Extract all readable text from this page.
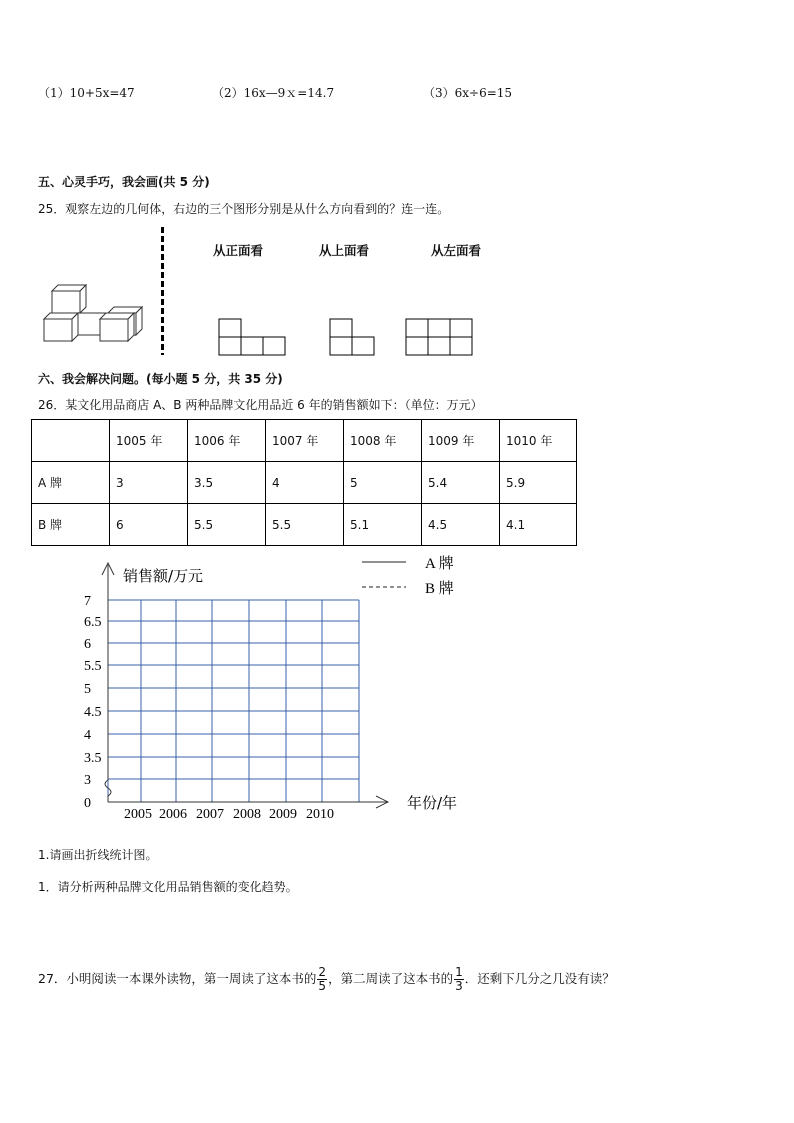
（1）10+5x=47	（2）16x—9ｘ=14.7	（3）6x÷6=15
五、心灵手巧，我会画(共 5 分)
25．观察左边的几何体，右边的三个图形分别是从什么方向看到的？连一连。
从正面看	从上面看	从左面看
六、我会解决问题。(每小题 5 分，共 35 分)
26．某文化用品商店 A、B 两种品牌文化用品近 6 年的销售额如下：（单位：万元）
	1005 年	1006 年	1007 年	1008 年	1009 年	1010 年
A 牌	3	3.5	4	5	5.4	5.9
B 牌	6	5.5	5.5	5.1	4.5	4.1
0
3
3.5
4
4.5
5
5.5
6
6.5
7
2005 2006 2007 2008 2009 2010
销售额/万元
年份/年
A 牌
B 牌
1.请画出折线统计图。
1．请分析两种品牌文化用品销售额的变化趋势。
27．小明阅读一本课外读物，第一周读了这本书的 $\frac{2}{5}$ ，第二周读了这本书的 $\frac{1}{3}$ ．还剩下几分之几没有读？
